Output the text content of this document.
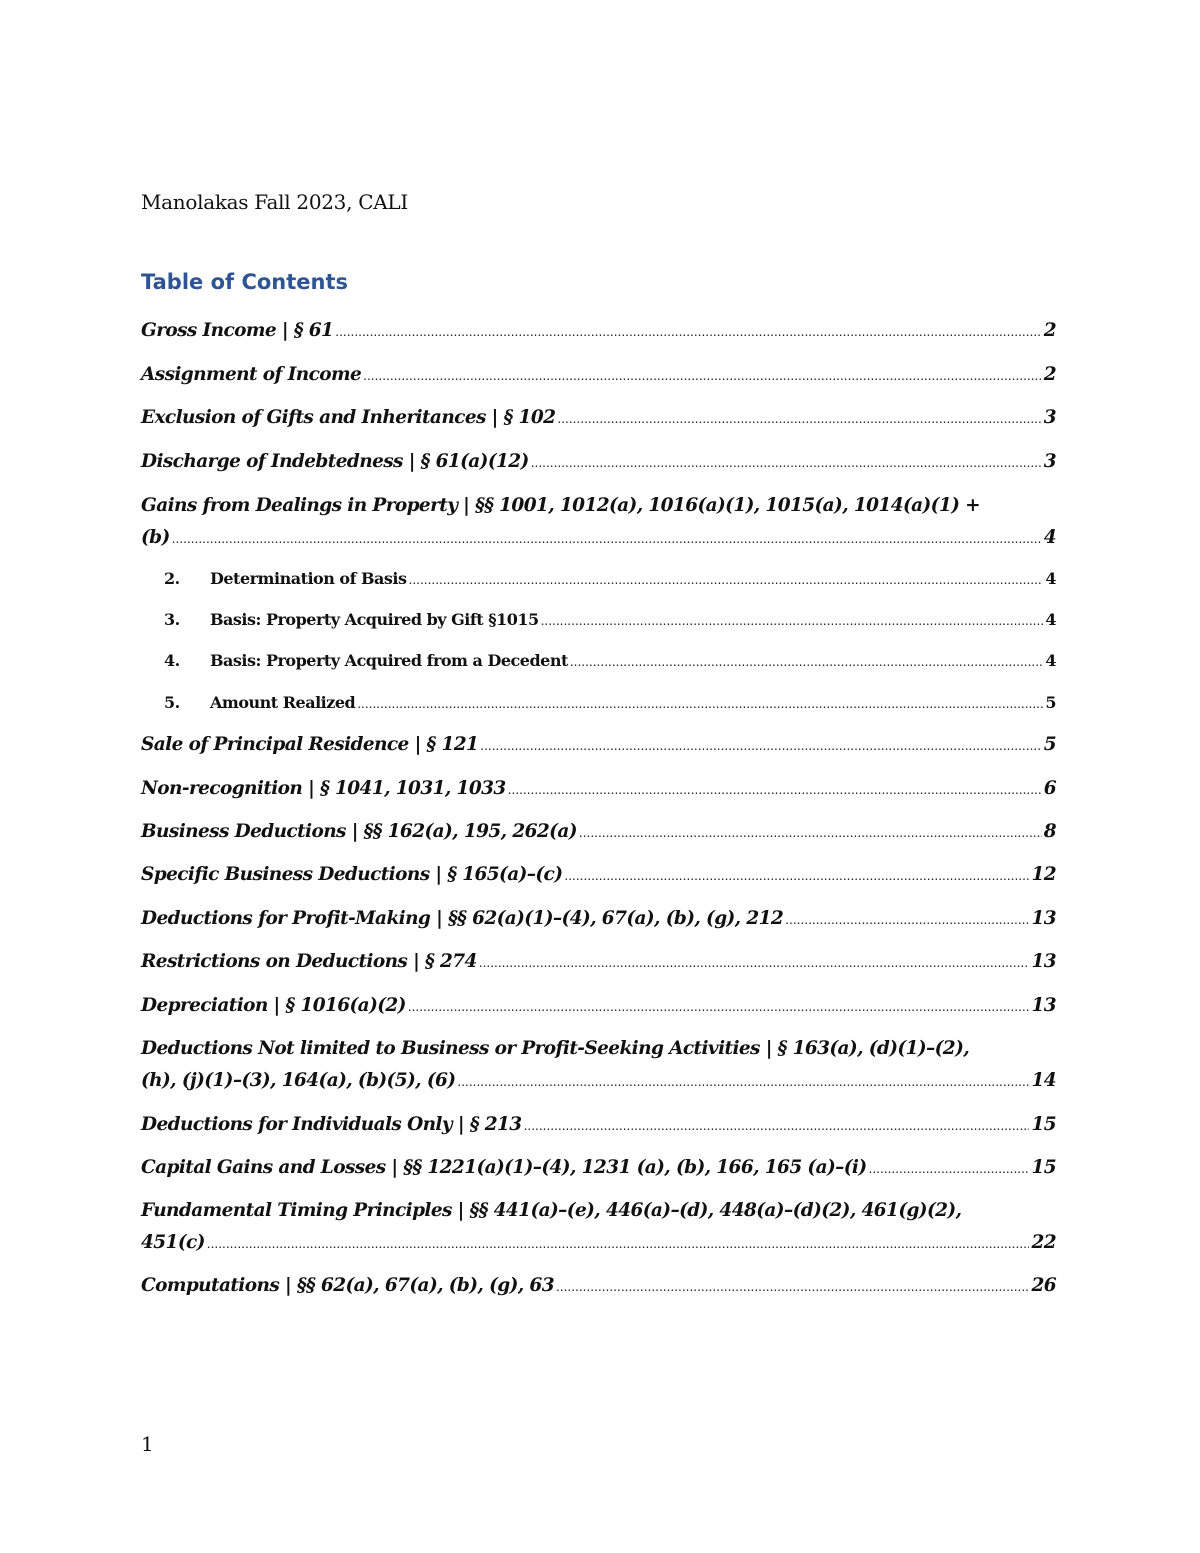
Manolakas Fall 2023, CALI
Table of Contents
Gross Income | § 61 .....	2
Assignment of Income .....	2
Exclusion of Gifts and Inheritances | § 102 .....	3
Discharge of Indebtedness | § 61(a)(12) .....	3
Gains from Dealings in Property | §§ 1001, 1012(a), 1016(a)(1), 1015(a), 1014(a)(1) +
(b) .....	4
2.	Determination of Basis .....	4
3.	Basis: Property Acquired by Gift §1015 .....	4
4.	Basis: Property Acquired from a Decedent .....	4
5.	Amount Realized .....	5
Sale of Principal Residence | § 121 .....	5
Non-recognition | § 1041, 1031, 1033 .....	6
Business Deductions | §§ 162(a), 195, 262(a) .....	8
Specific Business Deductions | § 165(a)–(c) .....	12
Deductions for Profit-Making | §§ 62(a)(1)–(4), 67(a), (b), (g), 212 .....	13
Restrictions on Deductions | § 274 .....	13
Depreciation | § 1016(a)(2) .....	13
Deductions Not limited to Business or Profit-Seeking Activities | § 163(a), (d)(1)–(2),
(h), (j)(1)–(3), 164(a), (b)(5), (6) .....	14
Deductions for Individuals Only | § 213 .....	15
Capital Gains and Losses | §§ 1221(a)(1)–(4), 1231 (a), (b), 166, 165 (a)–(i) .....	15
Fundamental Timing Principles | §§ 441(a)–(e), 446(a)–(d), 448(a)–(d)(2), 461(g)(2),
451(c) .....	22
Computations | §§ 62(a), 67(a), (b), (g), 63 .....	26
1
